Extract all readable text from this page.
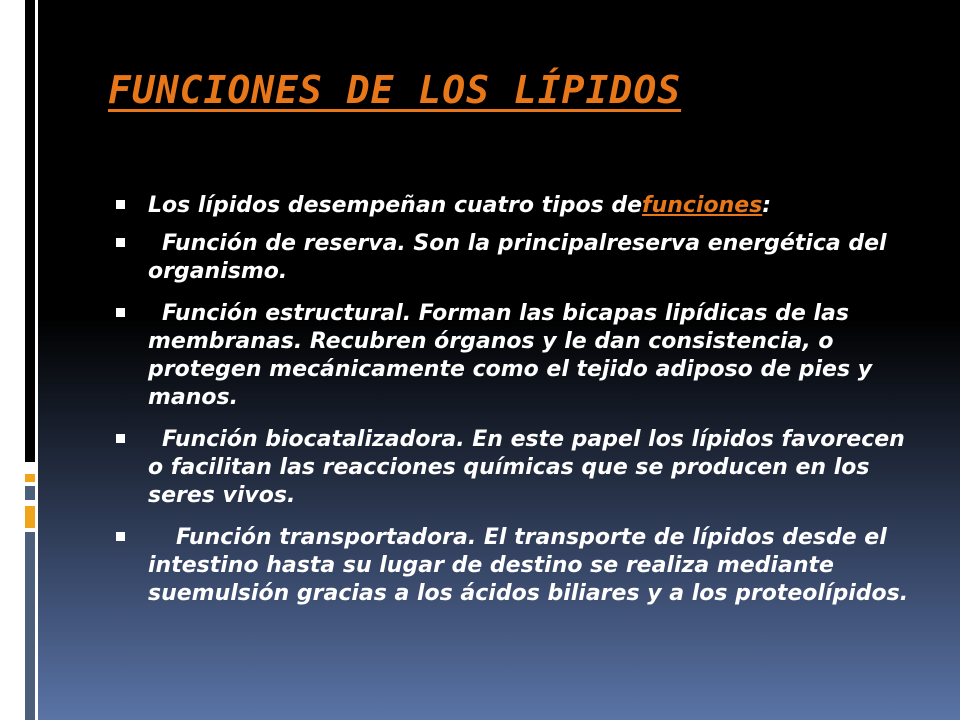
FUNCIONES DE LOS LÍPIDOS
Los lípidos desempeñan cuatro tipos defunciones:
Función de reserva. Son la principalreserva energética del organismo.
Función estructural. Forman las bicapas lipídicas de las membranas. Recubren órganos y le dan consistencia, o protegen mecánicamente como el tejido adiposo de pies y manos.
Función biocatalizadora. En este papel los lípidos favorecen o facilitan las reacciones químicas que se producen en los seres vivos.
Función transportadora. El transporte de lípidos desde el intestino hasta su lugar de destino se realiza mediante suemulsión gracias a los ácidos biliares y a los proteolípidos.
